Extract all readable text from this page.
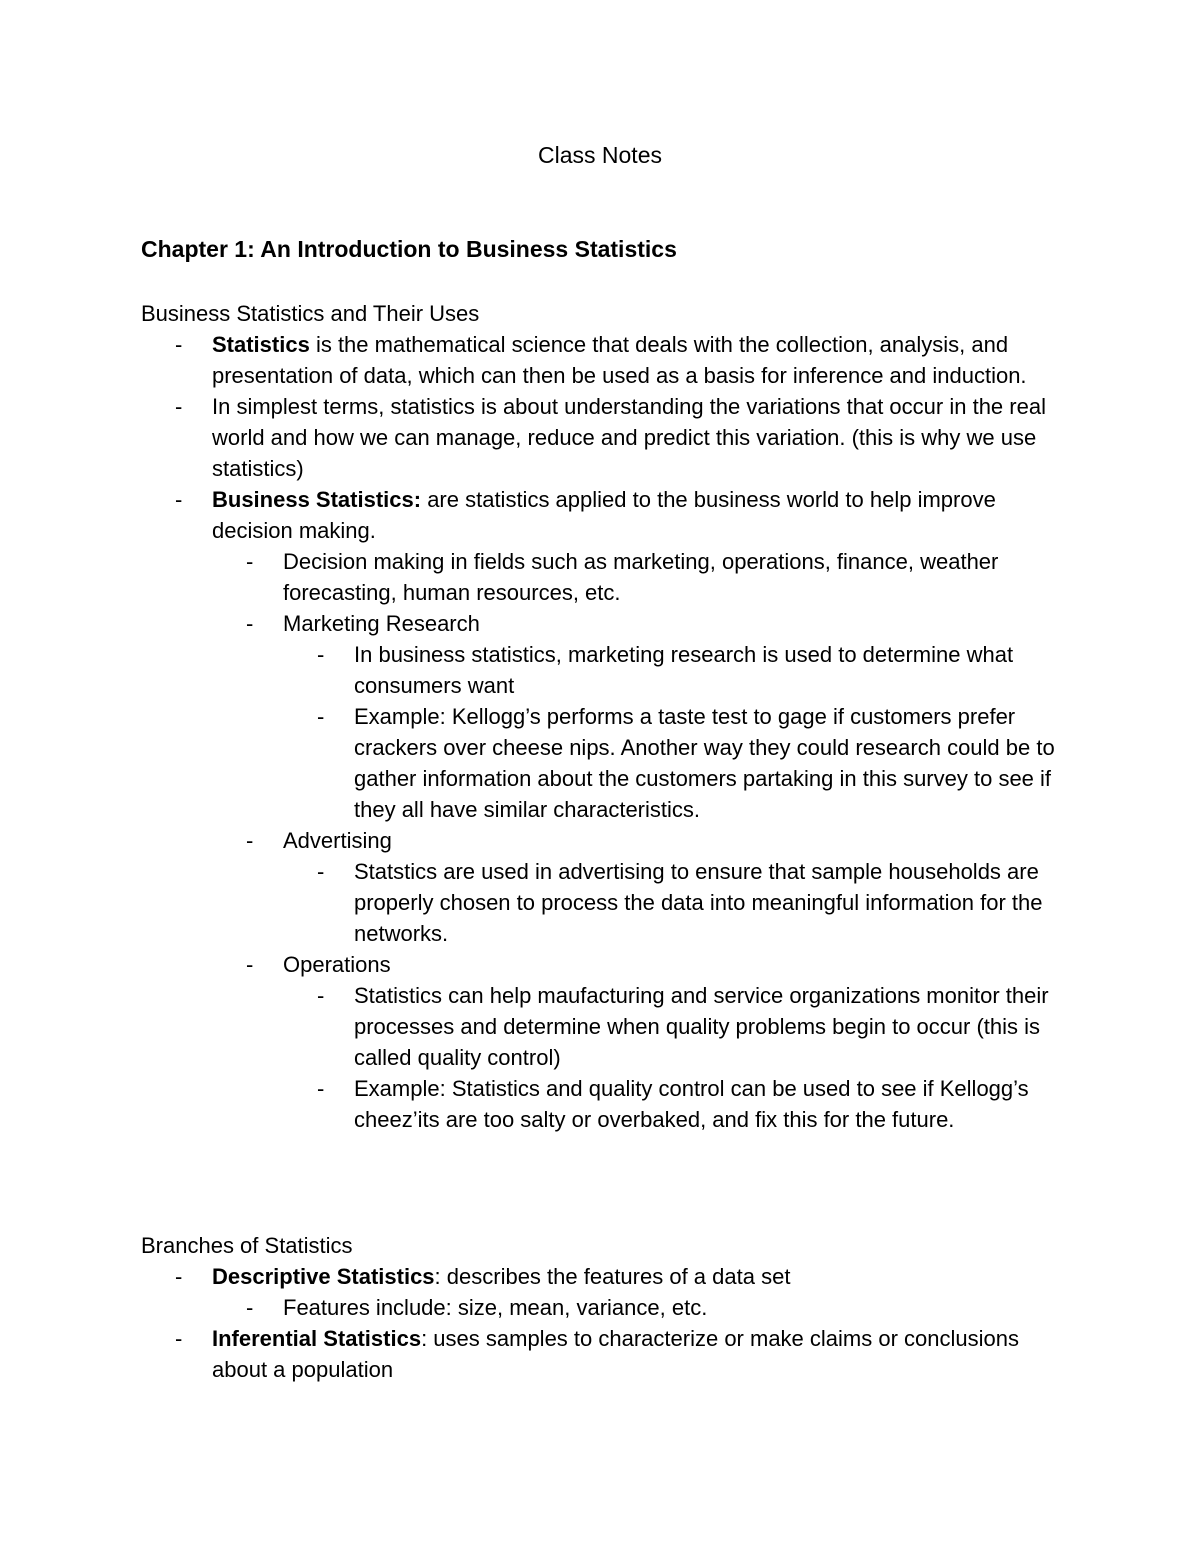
Class Notes
Chapter 1: An Introduction to Business Statistics

Business Statistics and Their Uses

- Statistics is the mathematical science that deals with the collection, analysis, and presentation of data, which can then be used as a basis for inference and induction.

- In simplest terms, statistics is about understanding the variations that occur in the real world and how we can manage, reduce and predict this variation. (this is why we use statistics)

- Business Statistics: are statistics applied to the business world to help improve decision making.

- Decision making in fields such as marketing, operations, finance, weather forecasting, human resources, etc.

- Marketing Research

- In business statistics, marketing research is used to determine what consumers want

- Example: Kellogg’s performs a taste test to gage if customers prefer crackers over cheese nips. Another way they could research could be to gather information about the customers partaking in this survey to see if they all have similar characteristics.

- Advertising

- Statstics are used in advertising to ensure that sample households are properly chosen to process the data into meaningful information for the networks.

- Operations

- Statistics can help maufacturing and service organizations monitor their processes and determine when quality problems begin to occur (this is called quality control)

- Example: Statistics and quality control can be used to see if Kellogg’s cheez’its are too salty or overbaked, and fix this for the future.

Branches of Statistics

- Descriptive Statistics: describes the features of a data set

- Features include: size, mean, variance, etc.

- Inferential Statistics: uses samples to characterize or make claims or conclusions about a population
